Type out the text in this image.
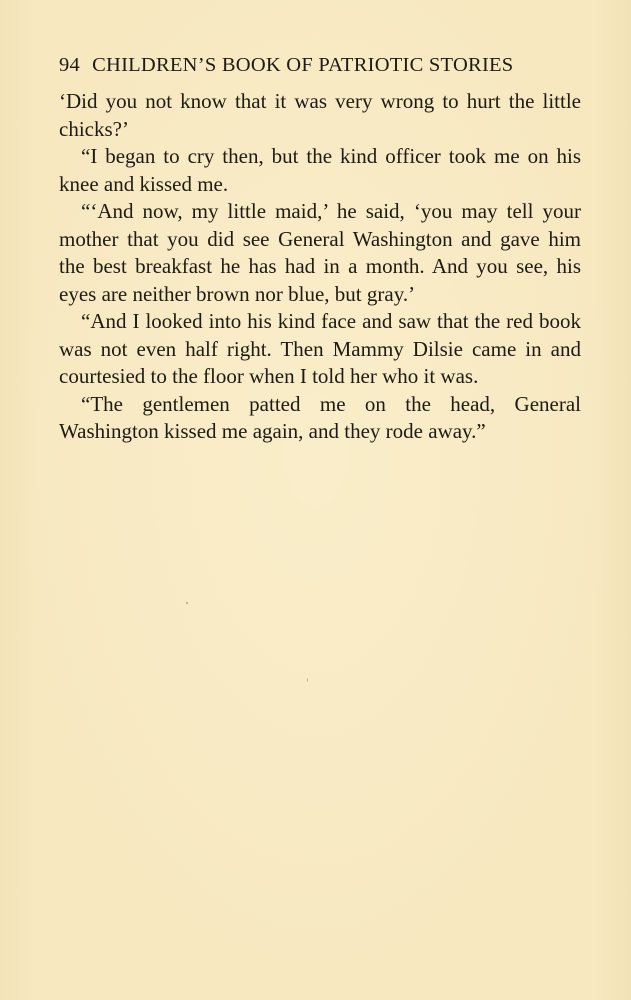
94 CHILDREN’S BOOK OF PATRIOTIC STORIES

‘Did you not know that it was very wrong to hurt the little chicks?’

“I began to cry then, but the kind officer took me on his knee and kissed me.

“‘And now, my little maid,’ he said, ‘you may tell your mother that you did see General Washington and gave him the best breakfast he has had in a month. And you see, his eyes are neither brown nor blue, but gray.’

“And I looked into his kind face and saw that the red book was not even half right. Then Mammy Dilsie came in and courtesied to the floor when I told her who it was.

“The gentlemen patted me on the head, General Washington kissed me again, and they rode away.”
